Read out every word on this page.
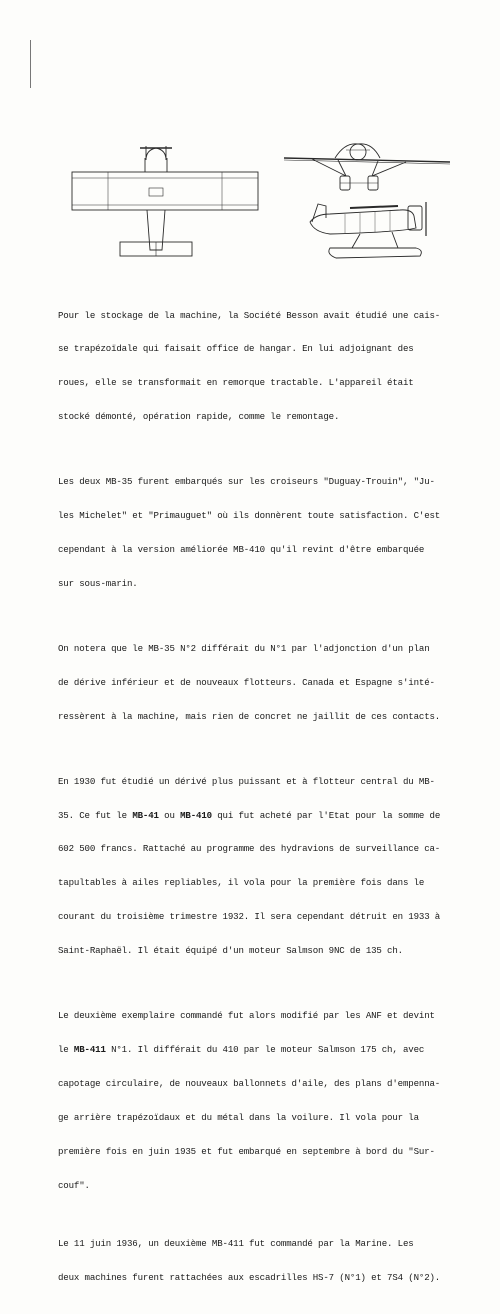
Pour le stockage de la machine, la Société Besson avait étudié une cais-

se trapézoïdale qui faisait office de hangar. En lui adjoignant des

roues, elle se transformait en remorque tractable. L'appareil était

stocké démonté, opération rapide, comme le remontage.

Les deux MB-35 furent embarqués sur les croiseurs "Duguay-Trouin", "Ju-

les Michelet" et "Primauguet" où ils donnèrent toute satisfaction. C'est

cependant à la version améliorée MB-410 qu'il revint d'être embarquée

sur sous-marin.

On notera que le MB-35 N°2 différait du N°1 par l'adjonction d'un plan

de dérive inférieur et de nouveaux flotteurs. Canada et Espagne s'inté-

ressèrent à la machine, mais rien de concret ne jaillit de ces contacts.

En 1930 fut étudié un dérivé plus puissant et à flotteur central du MB-

35. Ce fut le MB-41 ou MB-410 qui fut acheté par l'Etat pour la somme de

602 500 francs. Rattaché au programme des hydravions de surveillance ca-

tapultables à ailes repliables, il vola pour la première fois dans le

courant du troisième trimestre 1932. Il sera cependant détruit en 1933 à

Saint-Raphaël. Il était équipé d'un moteur Salmson 9NC de 135 ch.

Le deuxième exemplaire commandé fut alors modifié par les ANF et devint

le MB-411 N°1. Il différait du 410 par le moteur Salmson 175 ch, avec

capotage circulaire, de nouveaux ballonnets d'aile, des plans d'empenna-

ge arrière trapézoïdaux et du métal dans la voilure. Il vola pour la

première fois en juin 1935 et fut embarqué en septembre à bord du "Sur-

couf".

Le 11 juin 1936, un deuxième MB-411 fut commandé par la Marine. Les

deux machines furent rattachées aux escadrilles HS-7 (N°1) et 7S4 (N°2).
